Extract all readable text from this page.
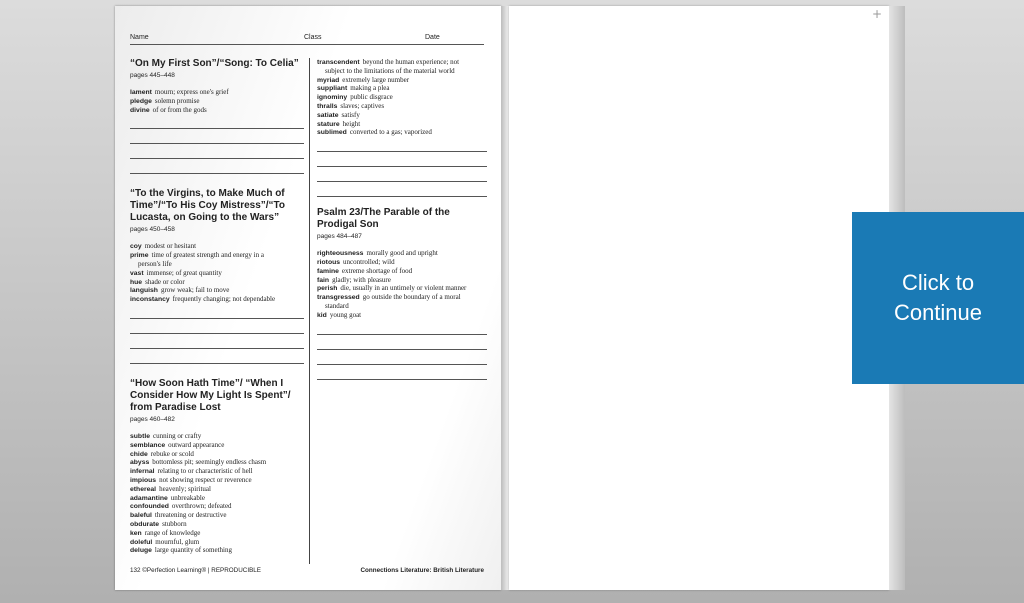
Name	Class	Date

“On My First Son”/“Song: To Celia”

pages 445–448

lament mourn; express one's grief
pledge solemn promise
divine of or from the gods

“To the Virgins, to Make Much of Time”/“To His Coy Mistress”/“To Lucasta, on Going to the Wars”

pages 450–458

coy modest or hesitant
prime time of greatest strength and energy in a
person's life
vast immense; of great quantity
hue shade or color
languish grow weak; fail to move
inconstancy frequently changing; not dependable

“How Soon Hath Time”/ “When I Consider How My Light Is Spent”/ from Paradise Lost

pages 460–482

subtle cunning or crafty
semblance outward appearance
chide rebuke or scold
abyss bottomless pit; seemingly endless chasm
infernal relating to or characteristic of hell
impious not showing respect or reverence
ethereal heavenly; spiritual
adamantine unbreakable
confounded overthrown; defeated
baleful threatening or destructive
obdurate stubborn
ken range of knowledge
doleful mournful, glum
deluge large quantity of something
transcendent beyond the human experience; not
subject to the limitations of the material world
myriad extremely large number
suppliant making a plea
ignominy public disgrace
thralls slaves; captives
satiate satisfy
stature height
sublimed converted to a gas; vaporized

Psalm 23/The Parable of the Prodigal Son

pages 484–487

righteousness morally good and upright
riotous uncontrolled; wild
famine extreme shortage of food
fain gladly; with pleasure
perish die, usually in an untimely or violent manner
transgressed go outside the boundary of a moral
standard
kid young goat
132 ©Perfection Learning® | REPRODUCIBLE	Connections Literature: British Literature
+
Click to Continue
